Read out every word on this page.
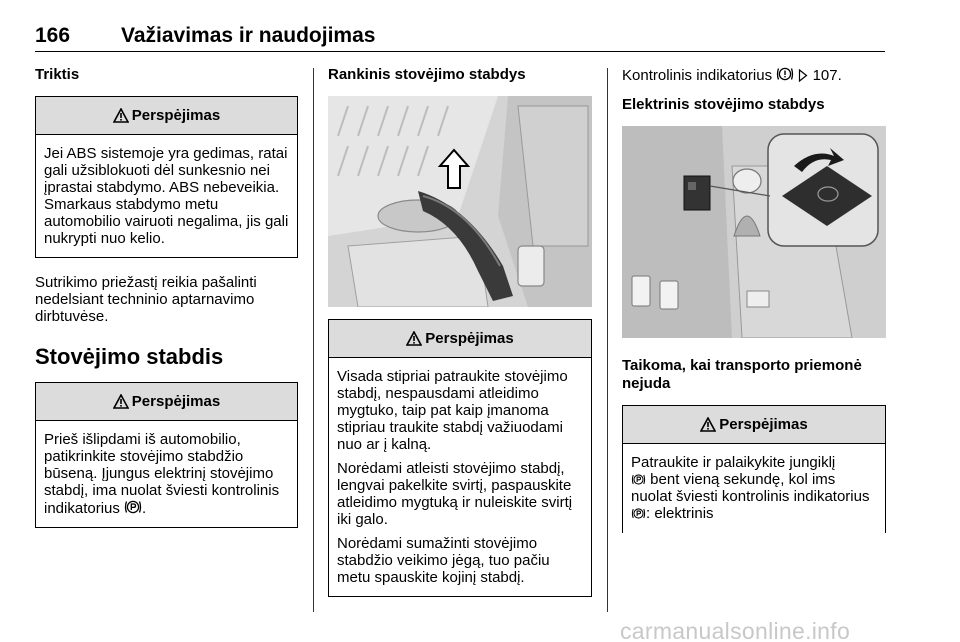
166 Važiavimas ir naudojimas
Triktis
Perspėjimas
Jei ABS sistemoje yra gedimas, ratai gali užsiblokuoti dėl sunkesnio nei įprastai stabdymo. ABS nebeveikia. Smarkaus stabdymo metu automobilio vairuoti negalima, jis gali nukrypti nuo kelio.
Sutrikimo priežastį reikia pašalinti nedelsiant techninio aptarnavimo dirbtuvėse.
Stovėjimo stabdis
Perspėjimas
Prieš išlipdami iš automobilio, patikrinkite stovėjimo stabdžio būseną. Įjungus elektrinį stovėjimo stabdį, ima nuolat šviesti kontrolinis indikatorius .
Rankinis stovėjimo stabdys
Perspėjimas
Visada stipriai patraukite stovėjimo stabdį, nespausdami atleidimo mygtuko, taip pat kaip įmanoma stipriau traukite stabdį važiuodami nuo ar į kalną.
Norėdami atleisti stovėjimo stabdį, lengvai pakelkite svirtį, paspauskite atleidimo mygtuką ir nuleiskite svirtį iki galo.
Norėdami sumažinti stovėjimo stabdžio veikimo jėgą, tuo pačiu metu spauskite kojinį stabdį.
Kontrolinis indikatorius	107.
Elektrinis stovėjimo stabdys
Taikoma, kai transporto priemonė nejuda
Perspėjimas
Patraukite ir palaikykite jungiklį
bent vieną sekundę, kol ims nuolat šviesti kontrolinis indikatorius : elektrinis
carmanualsonline.info
